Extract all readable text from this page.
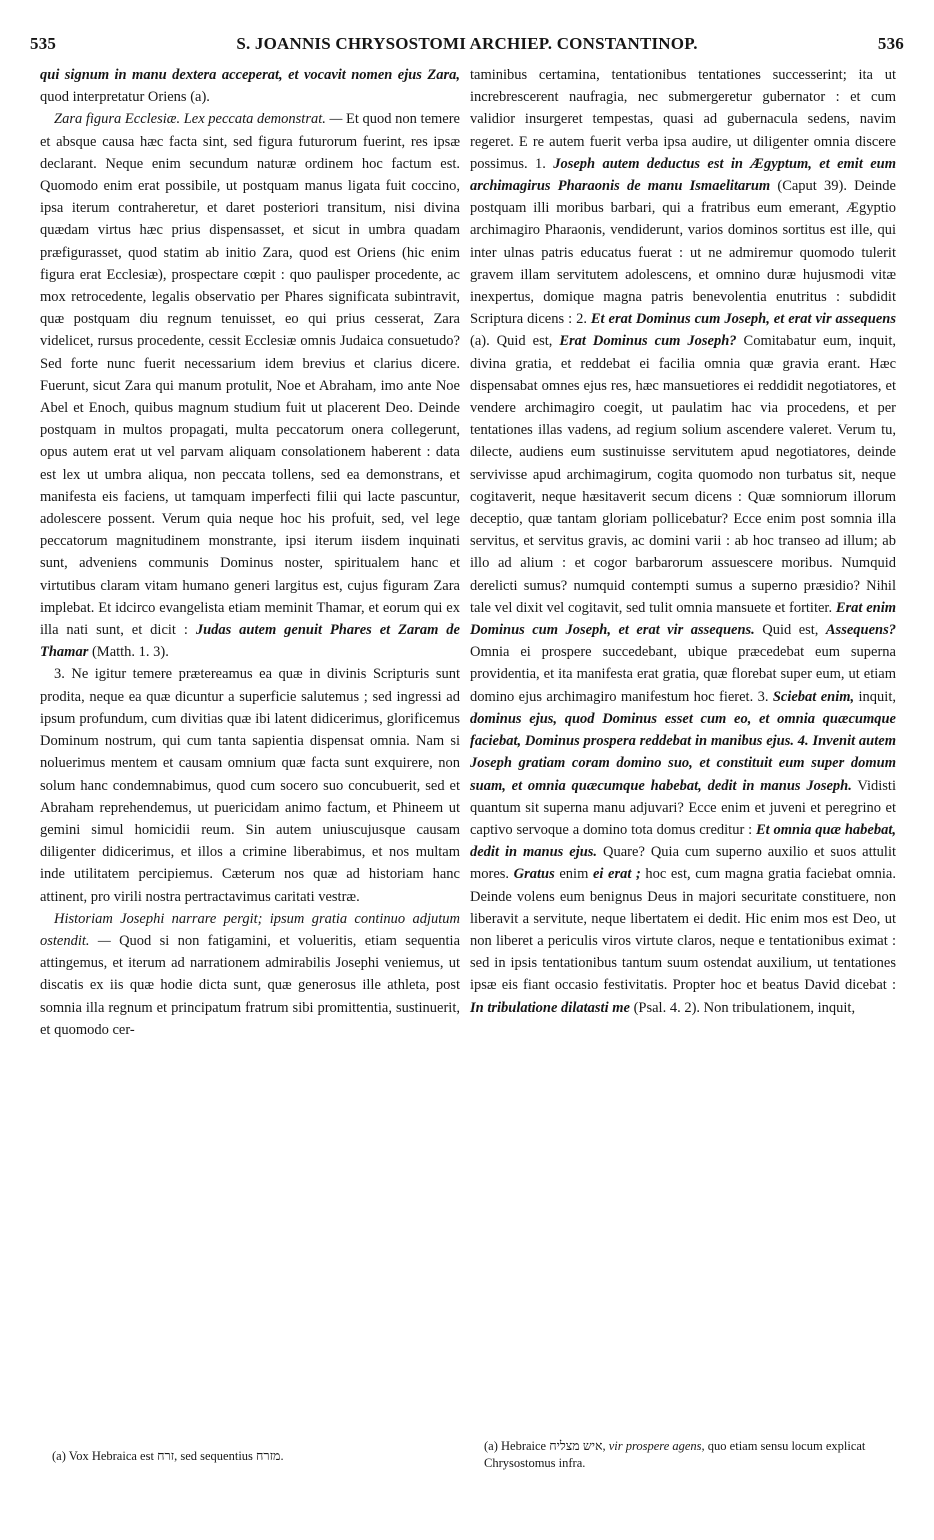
535	S. JOANNIS CHRYSOSTOMI ARCHIEP. CONSTANTINOP.	536

qui signum in manu dextera acceperat, et vocavit nomen ejus Zara, quod interpretatur Oriens (a).

Zara figura Ecclesiæ. Lex peccata demonstrat. — Et quod non temere et absque causa hæc facta sint, sed figura futurorum fuerint, res ipsæ declarant. Neque enim secundum naturæ ordinem hoc factum est. Quomodo enim erat possibile, ut postquam manus ligata fuit coccino, ipsa iterum contraheretur, et daret posteriori transitum, nisi divina quædam virtus hæc prius dispensasset, et sicut in umbra quadam præfigurasset, quod statim ab initio Zara, quod est Oriens (hic enim figura erat Ecclesiæ), prospectare cœpit : quo paulisper procedente, ac mox retrocedente, legalis observatio per Phares significata subintravit, quæ postquam diu regnum tenuisset, eo qui prius cesserat, Zara videlicet, rursus procedente, cessit Ecclesiæ omnis Judaica consuetudo? Sed forte nunc fuerit necessarium idem brevius et clarius dicere. Fuerunt, sicut Zara qui manum protulit, Noe et Abraham, imo ante Noe Abel et Enoch, quibus magnum studium fuit ut placerent Deo. Deinde postquam in multos propagati, multa peccatorum onera collegerunt, opus autem erat ut vel parvam aliquam consolationem haberent : data est lex ut umbra aliqua, non peccata tollens, sed ea demonstrans, et manifesta eis faciens, ut tamquam imperfecti filii qui lacte pascuntur, adolescere possent. Verum quia neque hoc his profuit, sed, vel lege peccatorum magnitudinem monstrante, ipsi iterum iisdem inquinati sunt, adveniens communis Dominus noster, spiritualem hanc et virtutibus claram vitam humano generi largitus est, cujus figuram Zara implebat. Et idcirco evangelista etiam meminit Thamar, et eorum qui ex illa nati sunt, et dicit : Judas autem genuit Phares et Zaram de Thamar (Matth. 1. 3).

3. Ne igitur temere prætereamus ea quæ in divinis Scripturis sunt prodita, neque ea quæ dicuntur a superficie salutemus ; sed ingressi ad ipsum profundum, cum divitias quæ ibi latent didicerimus, glorificemus Dominum nostrum, qui cum tanta sapientia dispensat omnia. Nam si noluerimus mentem et causam omnium quæ facta sunt exquirere, non solum hanc condemnabimus, quod cum socero suo concubuerit, sed et Abraham reprehendemus, ut puericidam animo factum, et Phineem ut gemini simul homicidii reum. Sin autem uniuscujusque causam diligenter didicerimus, et illos a crimine liberabimus, et nos multam inde utilitatem percipiemus. Cæterum nos quæ ad historiam hanc attinent, pro virili nostra pertractavimus caritati vestræ.

Historiam Josephi narrare pergit; ipsum gratia continuo adjutum ostendit. — Quod si non fatigamini, et volueritis, etiam sequentia attingemus, et iterum ad narrationem admirabilis Josephi veniemus, ut discatis ex iis quæ hodie dicta sunt, quæ generosus ille athleta, post somnia illa regnum et principatum fratrum sibi promittentia, sustinuerit, et quomodo cer-

taminibus certamina, tentationibus tentationes successerint; ita ut increbrescerent naufragia, nec submergeretur gubernator : et cum validior insurgeret tempestas, quasi ad gubernacula sedens, navim regeret. E re autem fuerit verba ipsa audire, ut diligenter omnia discere possimus. 1. Joseph autem deductus est in Ægyptum, et emit eum archimagirus Pharaonis de manu Ismaelitarum (Caput 39). Deinde postquam illi moribus barbari, qui a fratribus eum emerant, Ægyptio archimagiro Pharaonis, vendiderunt, varios dominos sortitus est ille, qui inter ulnas patris educatus fuerat : ut ne admiremur quomodo tulerit gravem illam servitutem adolescens, et omnino duræ hujusmodi vitæ inexpertus, domique magna patris benevolentia enutritus : subdidit Scriptura dicens : 2. Et erat Dominus cum Joseph, et erat vir assequens (a). Quid est, Erat Dominus cum Joseph? Comitabatur eum, inquit, divina gratia, et reddebat ei facilia omnia quæ gravia erant. Hæc dispensabat omnes ejus res, hæc mansuetiores ei reddidit negotiatores, et vendere archimagiro coegit, ut paulatim hac via procedens, et per tentationes illas vadens, ad regium solium ascendere valeret. Verum tu, dilecte, audiens eum sustinuisse servitutem apud negotiatores, deinde servivisse apud archimagirum, cogita quomodo non turbatus sit, neque cogitaverit, neque hæsitaverit secum dicens : Quæ somniorum illorum deceptio, quæ tantam gloriam pollicebatur? Ecce enim post somnia illa servitus, et servitus gravis, ac domini varii : ab hoc transeo ad illum; ab illo ad alium : et cogor barbarorum assuescere moribus. Numquid derelicti sumus? numquid contempti sumus a superno præsidio? Nihil tale vel dixit vel cogitavit, sed tulit omnia mansuete et fortiter. Erat enim Dominus cum Joseph, et erat vir assequens. Quid est, Assequens? Omnia ei prospere succedebant, ubique præcedebat eum superna providentia, et ita manifesta erat gratia, quæ florebat super eum, ut etiam domino ejus archimagiro manifestum hoc fieret. 3. Sciebat enim, inquit, dominus ejus, quod Dominus esset cum eo, et omnia quæcumque faciebat, Dominus prospera reddebat in manibus ejus. 4. Invenit autem Joseph gratiam coram domino suo, et constituit eum super domum suam, et omnia quæcumque habebat, dedit in manus Joseph. Vidisti quantum sit superna manu adjuvari? Ecce enim et juveni et peregrino et captivo servoque a domino tota domus creditur : Et omnia quæ habebat, dedit in manus ejus. Quare? Quia cum superno auxilio et suos attulit mores. Gratus enim ei erat ; hoc est, cum magna gratia faciebat omnia. Deinde volens eum benignus Deus in majori securitate constituere, non liberavit a servitute, neque libertatem ei dedit. Hic enim mos est Deo, ut non liberet a periculis viros virtute claros, neque e tentationibus eximat : sed in ipsis tentationibus tantum suum ostendat auxilium, ut tentationes ipsæ eis fiant occasio festivitatis. Propter hoc et beatus David dicebat : In tribulatione dilatasti me (Psal. 4. 2). Non tribulationem, inquit,

(a) Vox Hebraica est זרח, sed sequentius מזרח.
(a) Hebraice איש מצליח, vir prospere agens, quo etiam sensu locum explicat Chrysostomus infra.
